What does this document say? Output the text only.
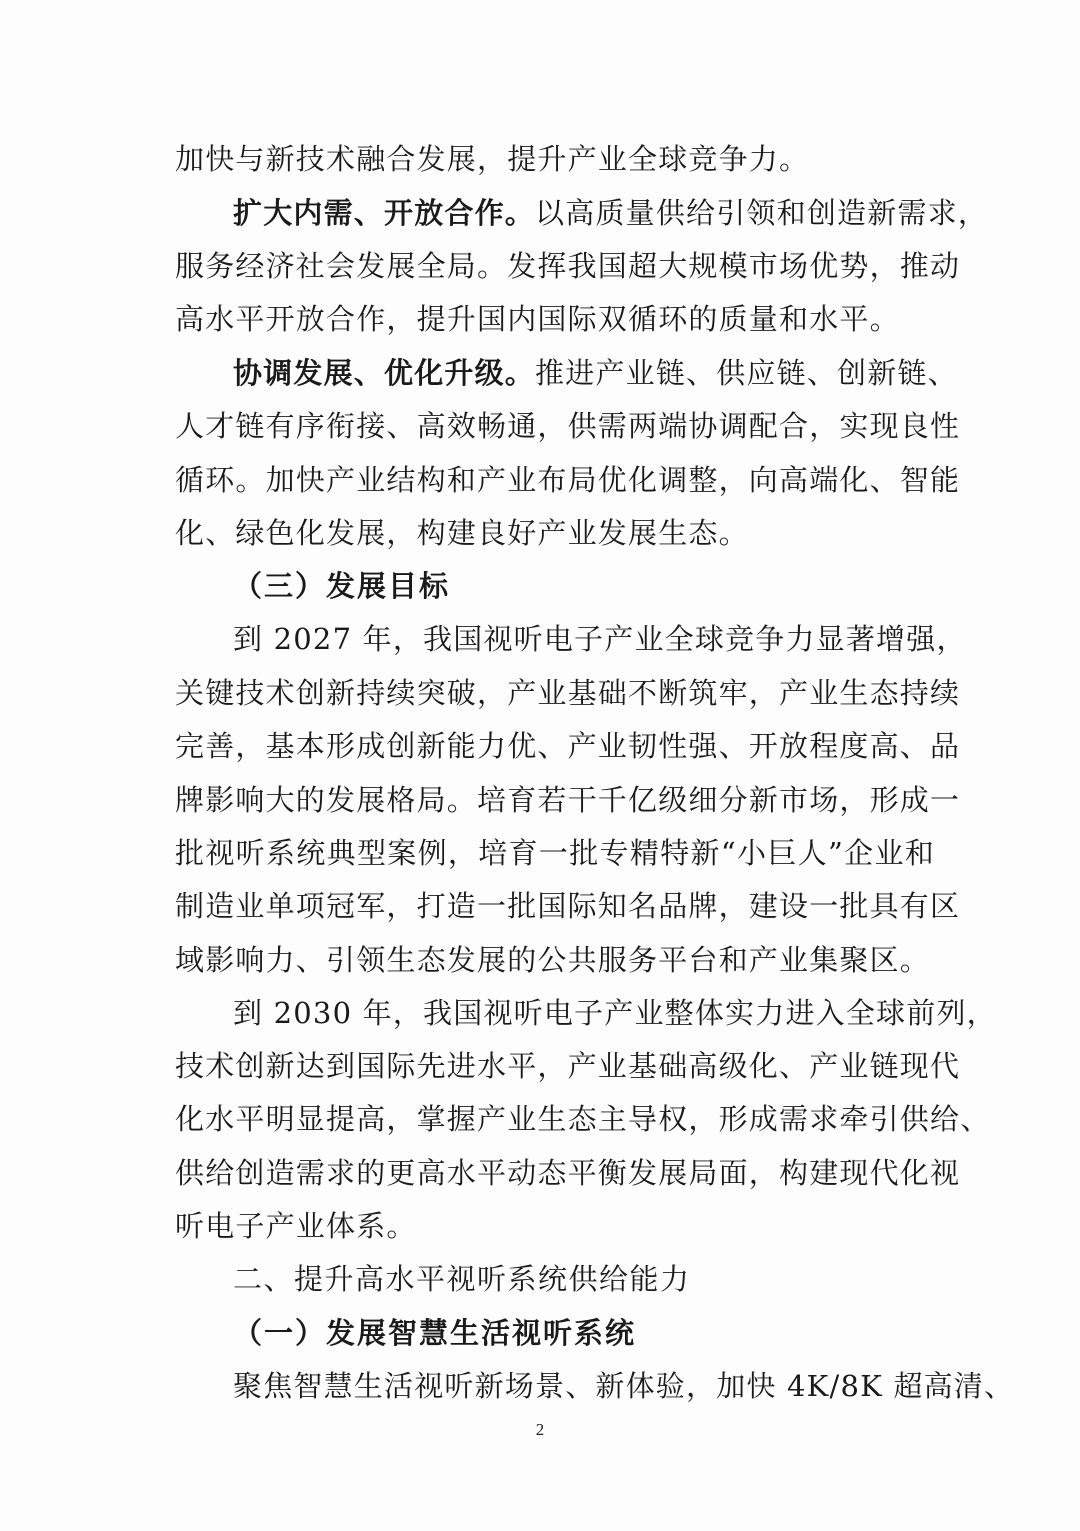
加快与新技术融合发展，提升产业全球竞争力。
扩大内需、开放合作。以高质量供给引领和创造新需求，
服务经济社会发展全局。发挥我国超大规模市场优势，推动
高水平开放合作，提升国内国际双循环的质量和水平。
协调发展、优化升级。推进产业链、供应链、创新链、
人才链有序衔接、高效畅通，供需两端协调配合，实现良性
循环。加快产业结构和产业布局优化调整，向高端化、智能
化、绿色化发展，构建良好产业发展生态。
（三）发展目标
到 2027 年，我国视听电子产业全球竞争力显著增强，
关键技术创新持续突破，产业基础不断筑牢，产业生态持续
完善，基本形成创新能力优、产业韧性强、开放程度高、品
牌影响大的发展格局。培育若干千亿级细分新市场，形成一
批视听系统典型案例，培育一批专精特新“小巨人”企业和
制造业单项冠军，打造一批国际知名品牌，建设一批具有区
域影响力、引领生态发展的公共服务平台和产业集聚区。
到 2030 年，我国视听电子产业整体实力进入全球前列，
技术创新达到国际先进水平，产业基础高级化、产业链现代
化水平明显提高，掌握产业生态主导权，形成需求牵引供给、
供给创造需求的更高水平动态平衡发展局面，构建现代化视
听电子产业体系。
二、提升高水平视听系统供给能力
（一）发展智慧生活视听系统
聚焦智慧生活视听新场景、新体验，加快 4K/8K 超高清、
2
